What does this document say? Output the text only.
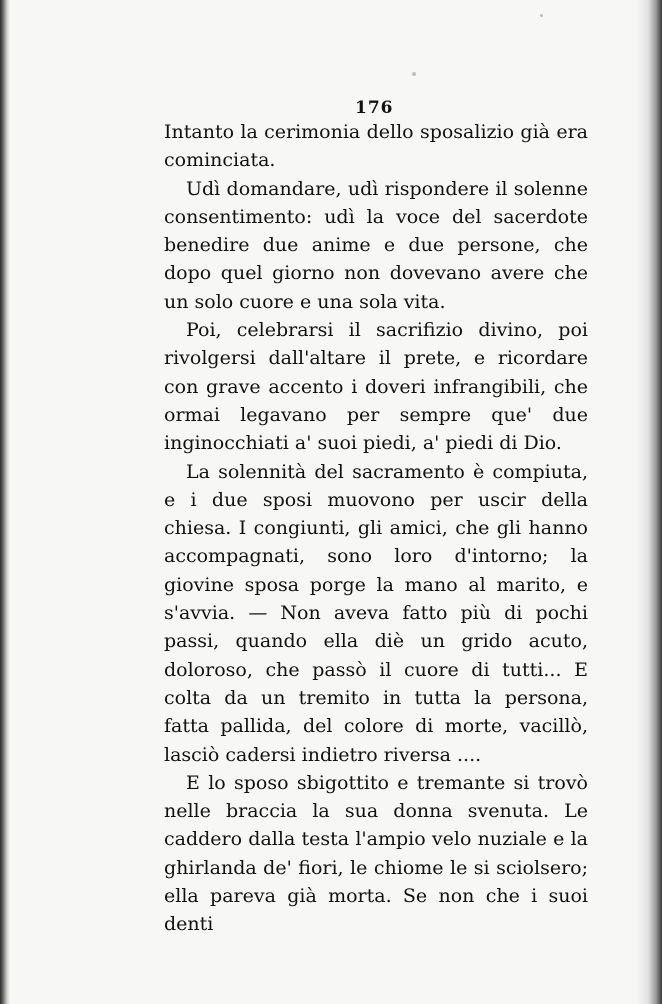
176

Intanto la cerimonia dello sposalizio già era cominciata.

Udì domandare, udì rispondere il solenne consentimento: udì la voce del sacerdote benedire due anime e due persone, che dopo quel giorno non dovevano avere che un solo cuore e una sola vita.

Poi, celebrarsi il sacrifizio divino, poi rivolgersi dall'altare il prete, e ricordare con grave accento i doveri infrangibili, che ormai legavano per sempre que' due inginocchiati a' suoi piedi, a' piedi di Dio.

La solennità del sacramento è compiuta, e i due sposi muovono per uscir della chiesa. I congiunti, gli amici, che gli hanno accompagnati, sono loro d'intorno; la giovine sposa porge la mano al marito, e s'avvia. — Non aveva fatto più di pochi passi, quando ella diè un grido acuto, doloroso, che passò il cuore di tutti... E colta da un tremito in tutta la persona, fatta pallida, del colore di morte, vacillò, lasciò cadersi indietro riversa ....

E lo sposo sbigottito e tremante si trovò nelle braccia la sua donna svenuta. Le caddero dalla testa l'ampio velo nuziale e la ghirlanda de' fiori, le chiome le si sciolsero; ella pareva già morta. Se non che i suoi denti
